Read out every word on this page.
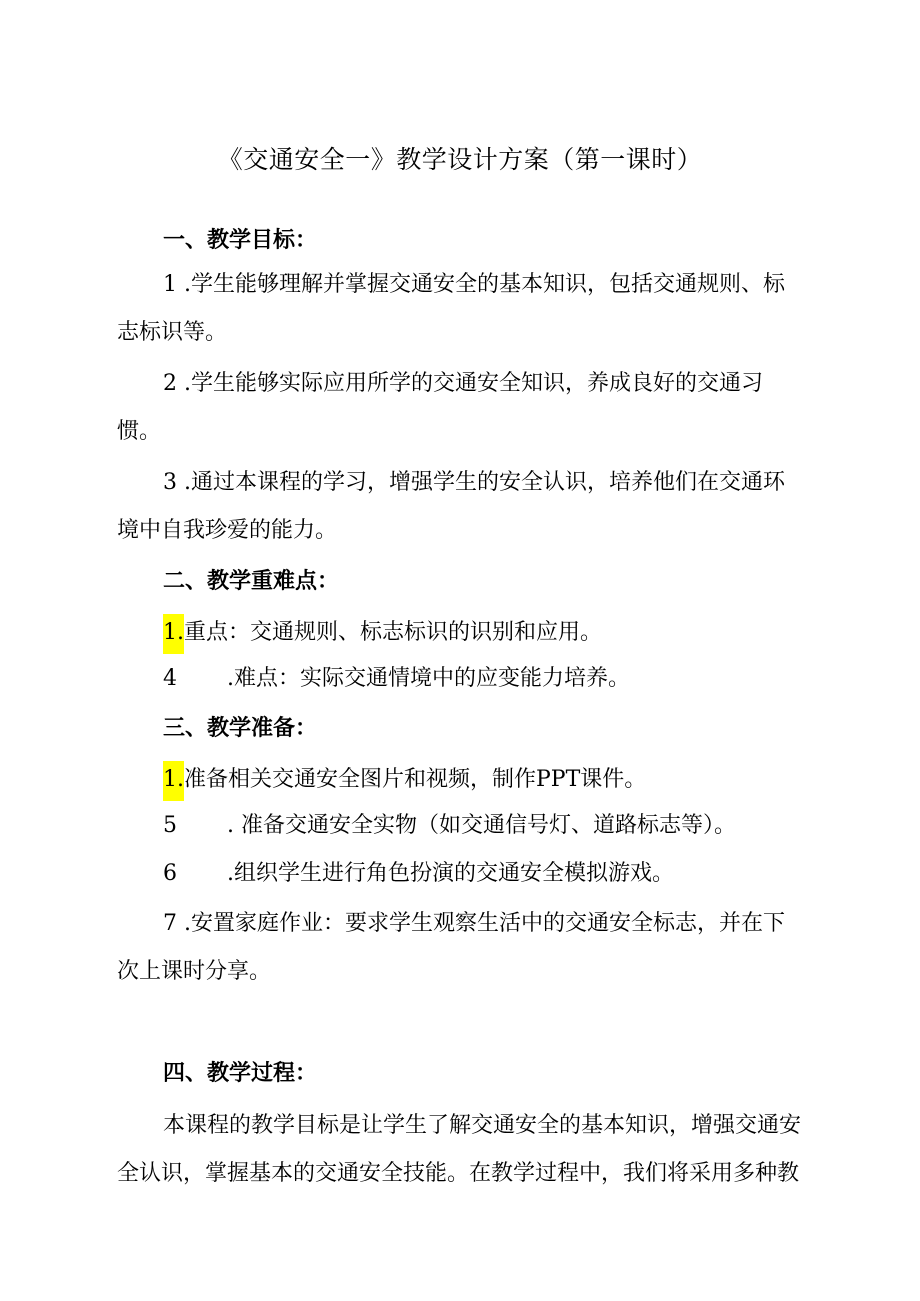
《交通安全一》教学设计方案（第一课时）
一、教学目标：
1 .学生能够理解并掌握交通安全的基本知识，包括交通规则、标
志标识等。
2 .学生能够实际应用所学的交通安全知识，养成良好的交通习
惯。
3 .通过本课程的学习，增强学生的安全认识，培养他们在交通环
境中自我珍爱的能力。
二、教学重难点：
1.重点：交通规则、标志标识的识别和应用。
4 .难点：实际交通情境中的应变能力培养。
三、教学准备：
1.准备相关交通安全图片和视频，制作PPT课件。
5 . 准备交通安全实物（如交通信号灯、道路标志等）。
6 .组织学生进行角色扮演的交通安全模拟游戏。
7 .安置家庭作业：要求学生观察生活中的交通安全标志，并在下
次上课时分享。
四、教学过程：
本课程的教学目标是让学生了解交通安全的基本知识，增强交通安
全认识，掌握基本的交通安全技能。在教学过程中，我们将采用多种教
